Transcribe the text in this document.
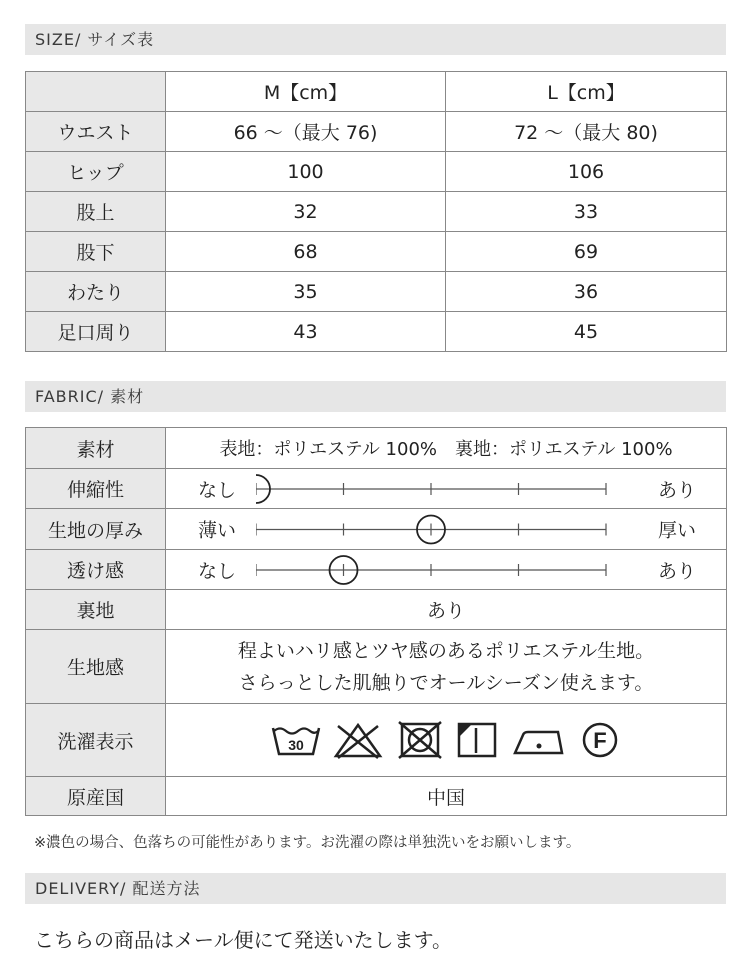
SIZE/ サイズ表
	M【cm】	L【cm】
ウエスト	66 ～（最大 76)	72 ～（最大 80)
ヒップ	100	106
股上	32	33
股下	68	69
わたり	35	36
足口周り	43	45
FABRIC/ 素材
素材	表地：ポリエステル 100%　裏地：ポリエステル 100%
伸縮性	なし あり

生地の厚み	薄い 厚い

透け感	なし あり

裏地	あり
生地感	程よいハリ感とツヤ感のあるポリエステル生地。
さらっとした肌触りでオールシーズン使えます。

洗濯表示	30
F

原産国	中国
※濃色の場合、色落ちの可能性があります。お洗濯の際は単独洗いをお願いします。
DELIVERY/ 配送方法
こちらの商品はメール便にて発送いたします。
